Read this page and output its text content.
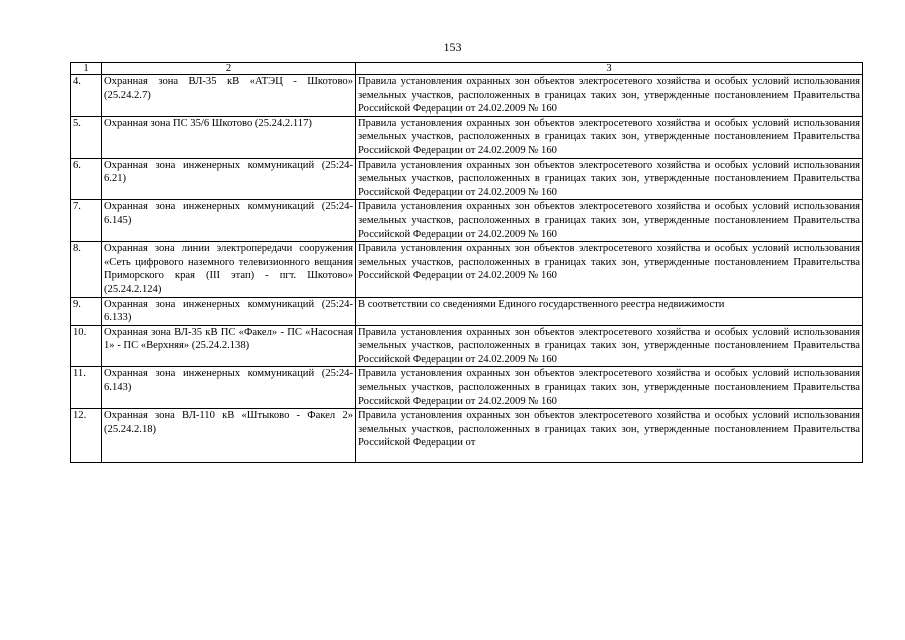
153
1	2	3
4.	Охранная зона ВЛ-35 кВ «АТЭЦ - Шкотово» (25.24.2.7)	Правила установления охранных зон объектов электросетевого хозяйства и особых условий использования земельных участков, расположенных в границах таких зон, утвержденные постановлением Правительства Российской Федерации от 24.02.2009 № 160
5.	Охранная зона ПС 35/6 Шкотово (25.24.2.117)	Правила установления охранных зон объектов электросетевого хозяйства и особых условий использования земельных участков, расположенных в границах таких зон, утвержденные постановлением Правительства Российской Федерации от 24.02.2009 № 160
6.	Охранная зона инженерных коммуникаций (25:24-6.21)	Правила установления охранных зон объектов электросетевого хозяйства и особых условий использования земельных участков, расположенных в границах таких зон, утвержденные постановлением Правительства Российской Федерации от 24.02.2009 № 160
7.	Охранная зона инженерных коммуникаций (25:24-6.145)	Правила установления охранных зон объектов электросетевого хозяйства и особых условий использования земельных участков, расположенных в границах таких зон, утвержденные постановлением Правительства Российской Федерации от 24.02.2009 № 160
8.	Охранная зона линии электропередачи сооружения «Сеть цифрового наземного телевизионного вещания Приморского края (III этап) - пгт. Шкотово» (25.24.2.124)	Правила установления охранных зон объектов электросетевого хозяйства и особых условий использования земельных участков, расположенных в границах таких зон, утвержденные постановлением Правительства Российской Федерации от 24.02.2009 № 160
9.	Охранная зона инженерных коммуникаций (25:24-6.133)	В соответствии со сведениями Единого государственного реестра недвижимости
10.	Охранная зона ВЛ-35 кВ ПС «Факел» - ПС «Насосная 1» - ПС «Верхняя» (25.24.2.138)	Правила установления охранных зон объектов электросетевого хозяйства и особых условий использования земельных участков, расположенных в границах таких зон, утвержденные постановлением Правительства Российской Федерации от 24.02.2009 № 160
11.	Охранная зона инженерных коммуникаций (25:24-6.143)	Правила установления охранных зон объектов электросетевого хозяйства и особых условий использования земельных участков, расположенных в границах таких зон, утвержденные постановлением Правительства Российской Федерации от 24.02.2009 № 160
12.	Охранная зона ВЛ-110 кВ «Штыково - Факел 2» (25.24.2.18)	Правила установления охранных зон объектов электросетевого хозяйства и особых условий использования земельных участков, расположенных в границах таких зон, утвержденные постановлением Правительства Российской Федерации от
